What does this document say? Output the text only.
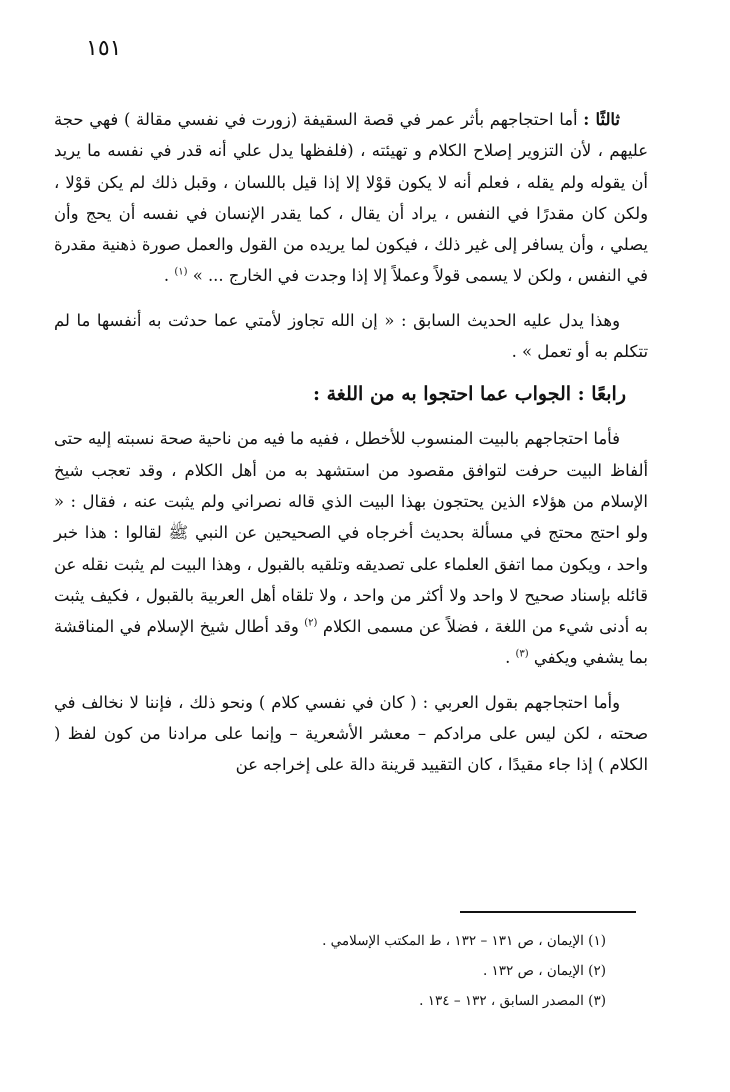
١٥١

ثالثًا : أما احتجاجهم بأثر عمر في قصة السقيفة (زورت في نفسي مقالة ) فهي حجة عليهم ، لأن التزوير إصلاح الكلام و تهيئته ، (فلفظها يدل علي أنه قدر في نفسه ما يريد أن يقوله ولم يقله ، فعلم أنه لا يكون قوْلا إلا إذا قيل باللسان ، وقبل ذلك لم يكن قوْلا ، ولكن كان مقدرًا في النفس ، يراد أن يقال ، كما يقدر الإنسان في نفسه أن يحج وأن يصلي ، وأن يسافر إلى غير ذلك ، فيكون لما يريده من القول والعمل صورة ذهنية مقدرة في النفس ، ولكن لا يسمى قولاً وعملاً إلا إذا وجدت في الخارج ... » $^{(١)}$ .

وهذا يدل عليه الحديث السابق : « إن الله تجاوز لأمتي عما حدثت به أنفسها ما لم تتكلم به أو تعمل » .

رابعًا : الجواب عما احتجوا به من اللغة :

فأما احتجاجهم بالبيت المنسوب للأخطل ، ففيه ما فيه من ناحية صحة نسبته إليه حتى ألفاظ البيت حرفت لتوافق مقصود من استشهد به من أهل الكلام ، وقد تعجب شيخ الإسلام من هؤلاء الذين يحتجون بهذا البيت الذي قاله نصراني ولم يثبت عنه ، فقال : « ولو احتج محتج في مسألة بحديث أخرجاه في الصحيحين عن النبي ﷺ لقالوا : هذا خبر واحد ، ويكون مما اتفق العلماء على تصديقه وتلقيه بالقبول ، وهذا البيت لم يثبت نقله عن قائله بإسناد صحيح لا واحد ولا أكثر من واحد ، ولا تلقاه أهل العربية بالقبول ، فكيف يثبت به أدنى شيء من اللغة ، فضلاً عن مسمى الكلام $^{(٢)}$ وقد أطال شيخ الإسلام في المناقشة بما يشفي ويكفي $^{(٣)}$ .

وأما احتجاجهم بقول العربي : ( كان في نفسي كلام ) ونحو ذلك ، فإننا لا نخالف في صحته ، لكن ليس على مرادكم – معشر الأشعرية – وإنما على مرادنا من كون لفظ ( الكلام ) إذا جاء مقيدًا ، كان التقييد قرينة دالة على إخراجه عن

(١) الإيمان ، ص ١٣١ – ١٣٢ ، ط المكتب الإسلامي .

(٢) الإيمان ، ص ١٣٢ .

(٣) المصدر السابق ، ١٣٢ – ١٣٤ .
